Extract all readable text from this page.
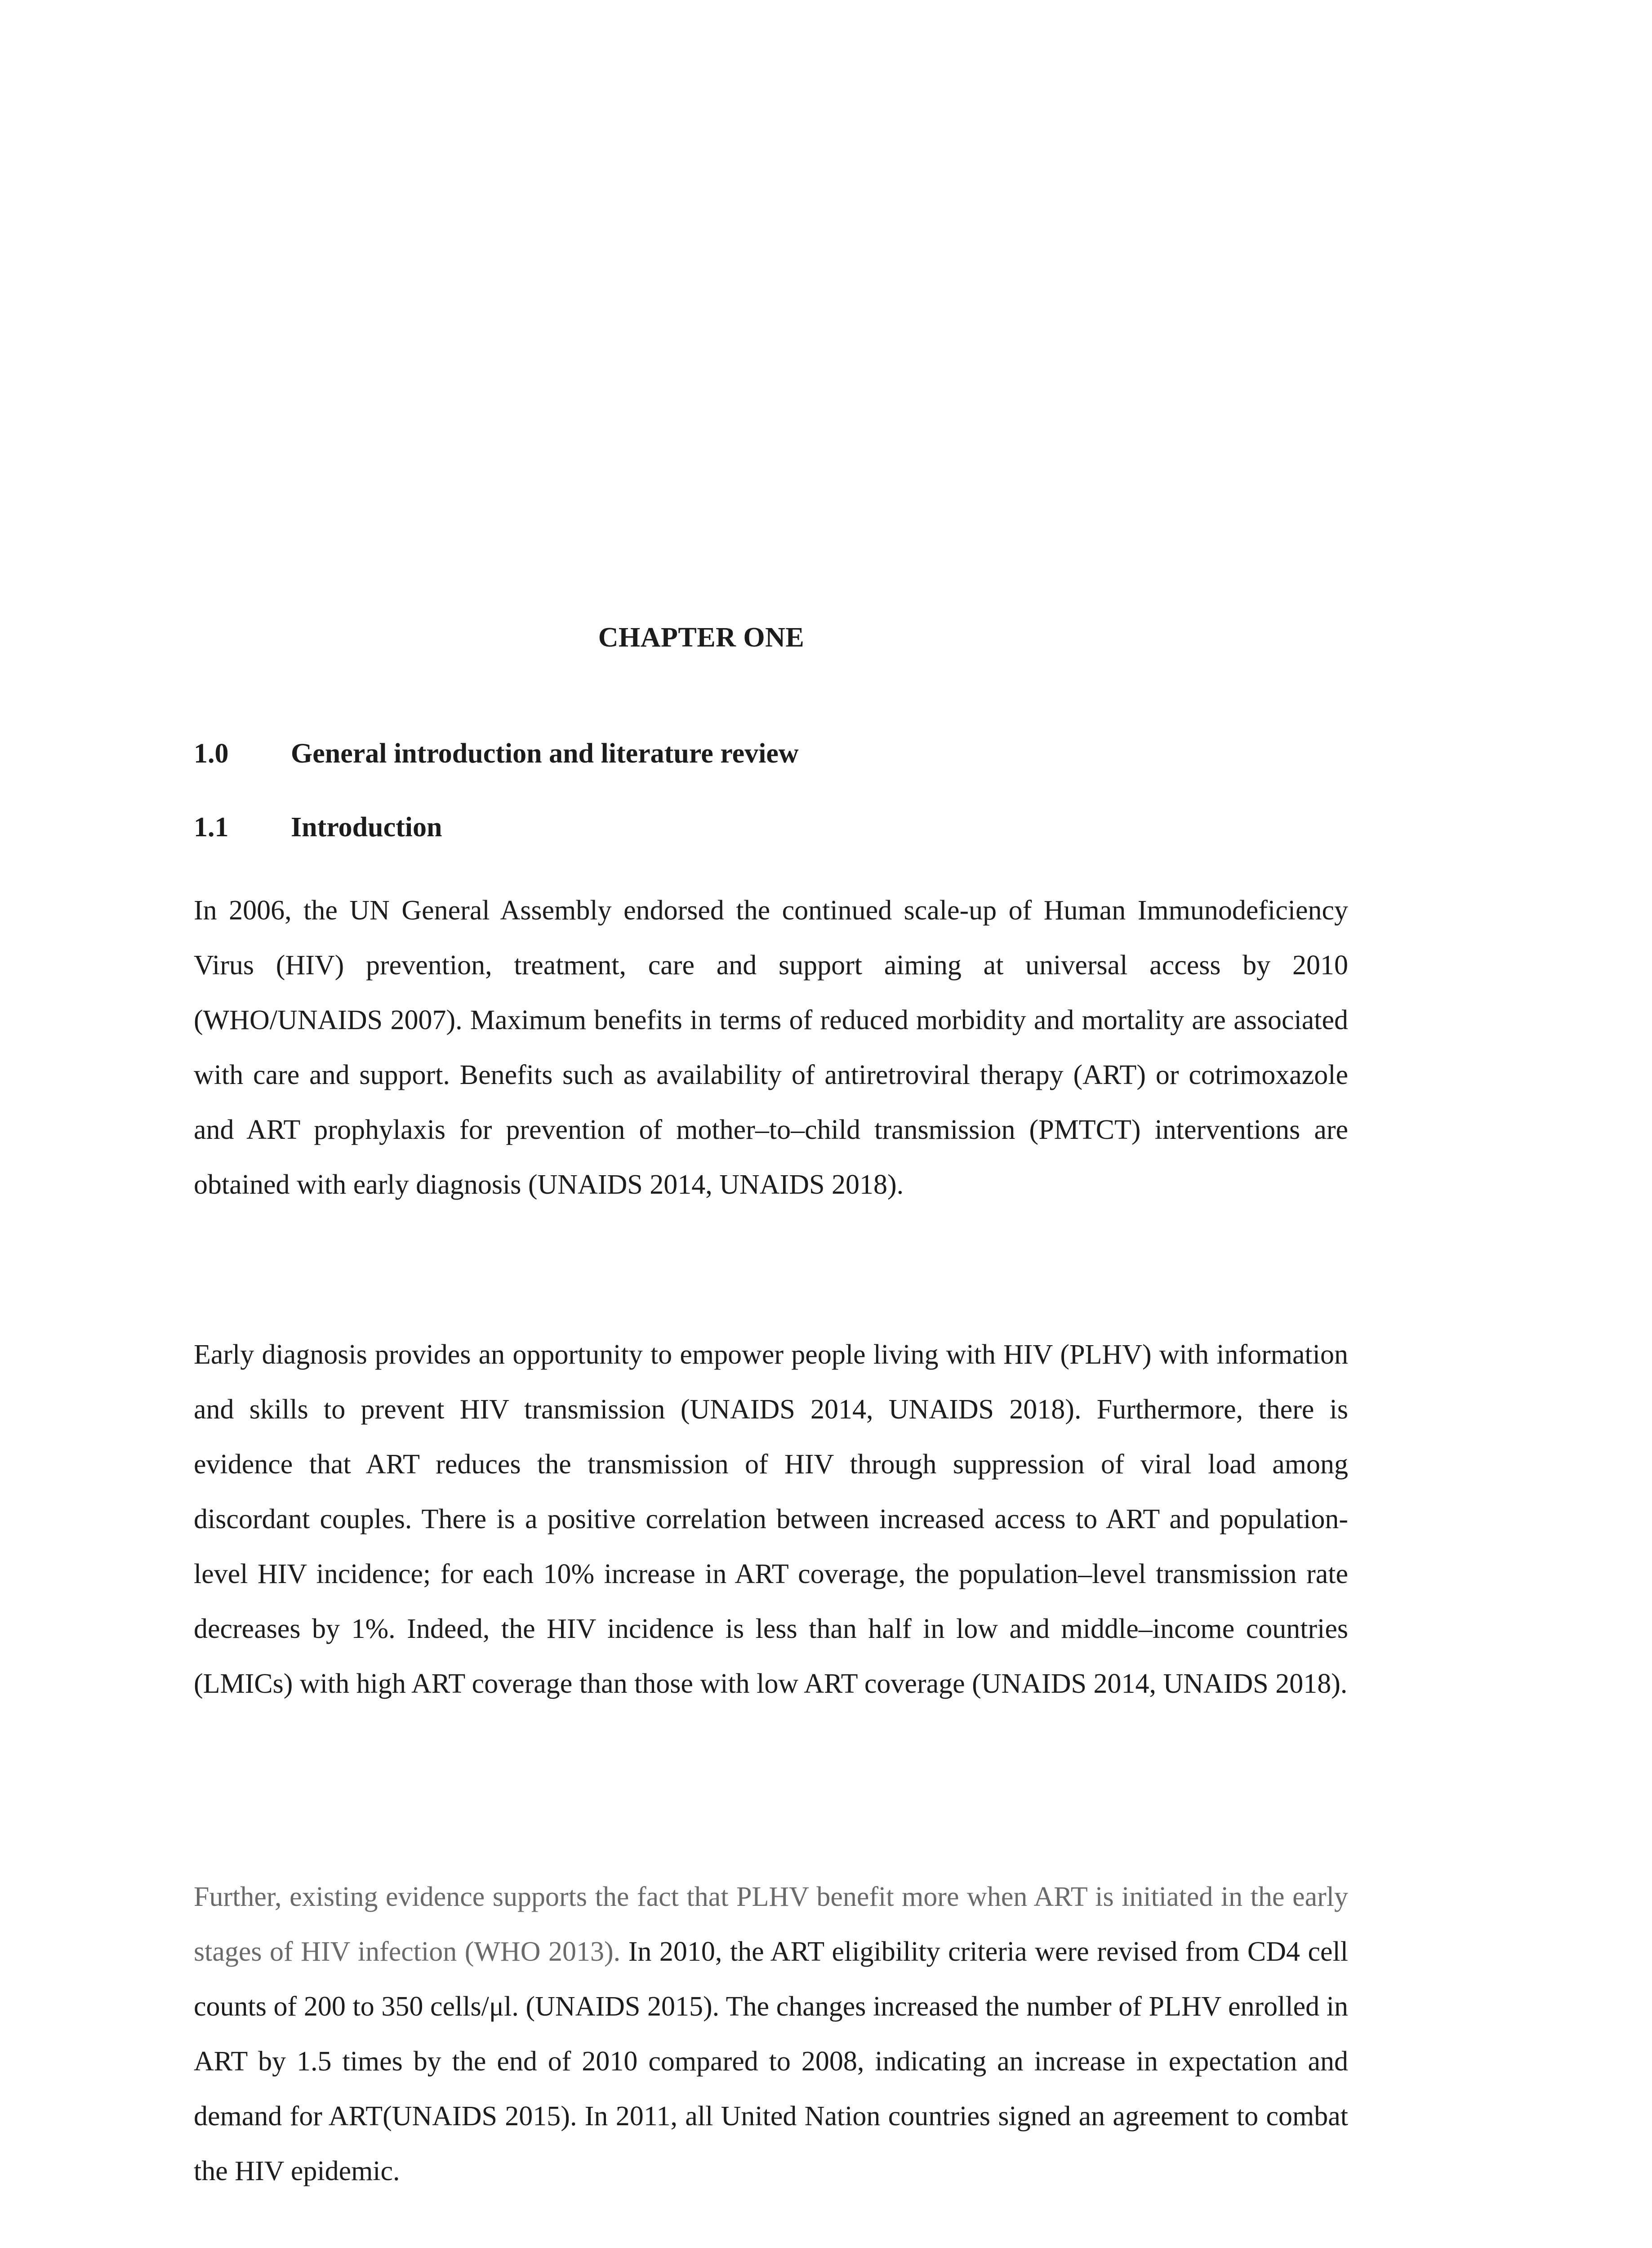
CHAPTER ONE
1.0 General introduction and literature review
1.1 Introduction

In 2006, the UN General Assembly endorsed the continued scale-up of Human Immunodeficiency Virus (HIV) prevention, treatment, care and support aiming at universal access by 2010 (WHO/UNAIDS 2007). Maximum benefits in terms of reduced morbidity and mortality are associated with care and support. Benefits such as availability of antiretroviral therapy (ART) or cotrimoxazole and ART prophylaxis for prevention of mother–to–child transmission (PMTCT) interventions are obtained with early diagnosis (UNAIDS 2014, UNAIDS 2018).

Early diagnosis provides an opportunity to empower people living with HIV (PLHV) with information and skills to prevent HIV transmission (UNAIDS 2014, UNAIDS 2018). Furthermore, there is evidence that ART reduces the transmission of HIV through suppression of viral load among discordant couples. There is a positive correlation between increased access to ART and population-level HIV incidence; for each 10% increase in ART coverage, the population–level transmission rate decreases by 1%. Indeed, the HIV incidence is less than half in low and middle–income countries (LMICs) with high ART coverage than those with low ART coverage (UNAIDS 2014, UNAIDS 2018).

Further, existing evidence supports the fact that PLHV benefit more when ART is initiated in the early stages of HIV infection (WHO 2013). In 2010, the ART eligibility criteria were revised from CD4 cell counts of 200 to 350 cells/μl. (UNAIDS 2015). The changes increased the number of PLHV enrolled in ART by 1.5 times by the end of 2010 compared to 2008, indicating an increase in expectation and demand for ART(UNAIDS 2015). In 2011, all United Nation countries signed an agreement to combat the HIV epidemic.
